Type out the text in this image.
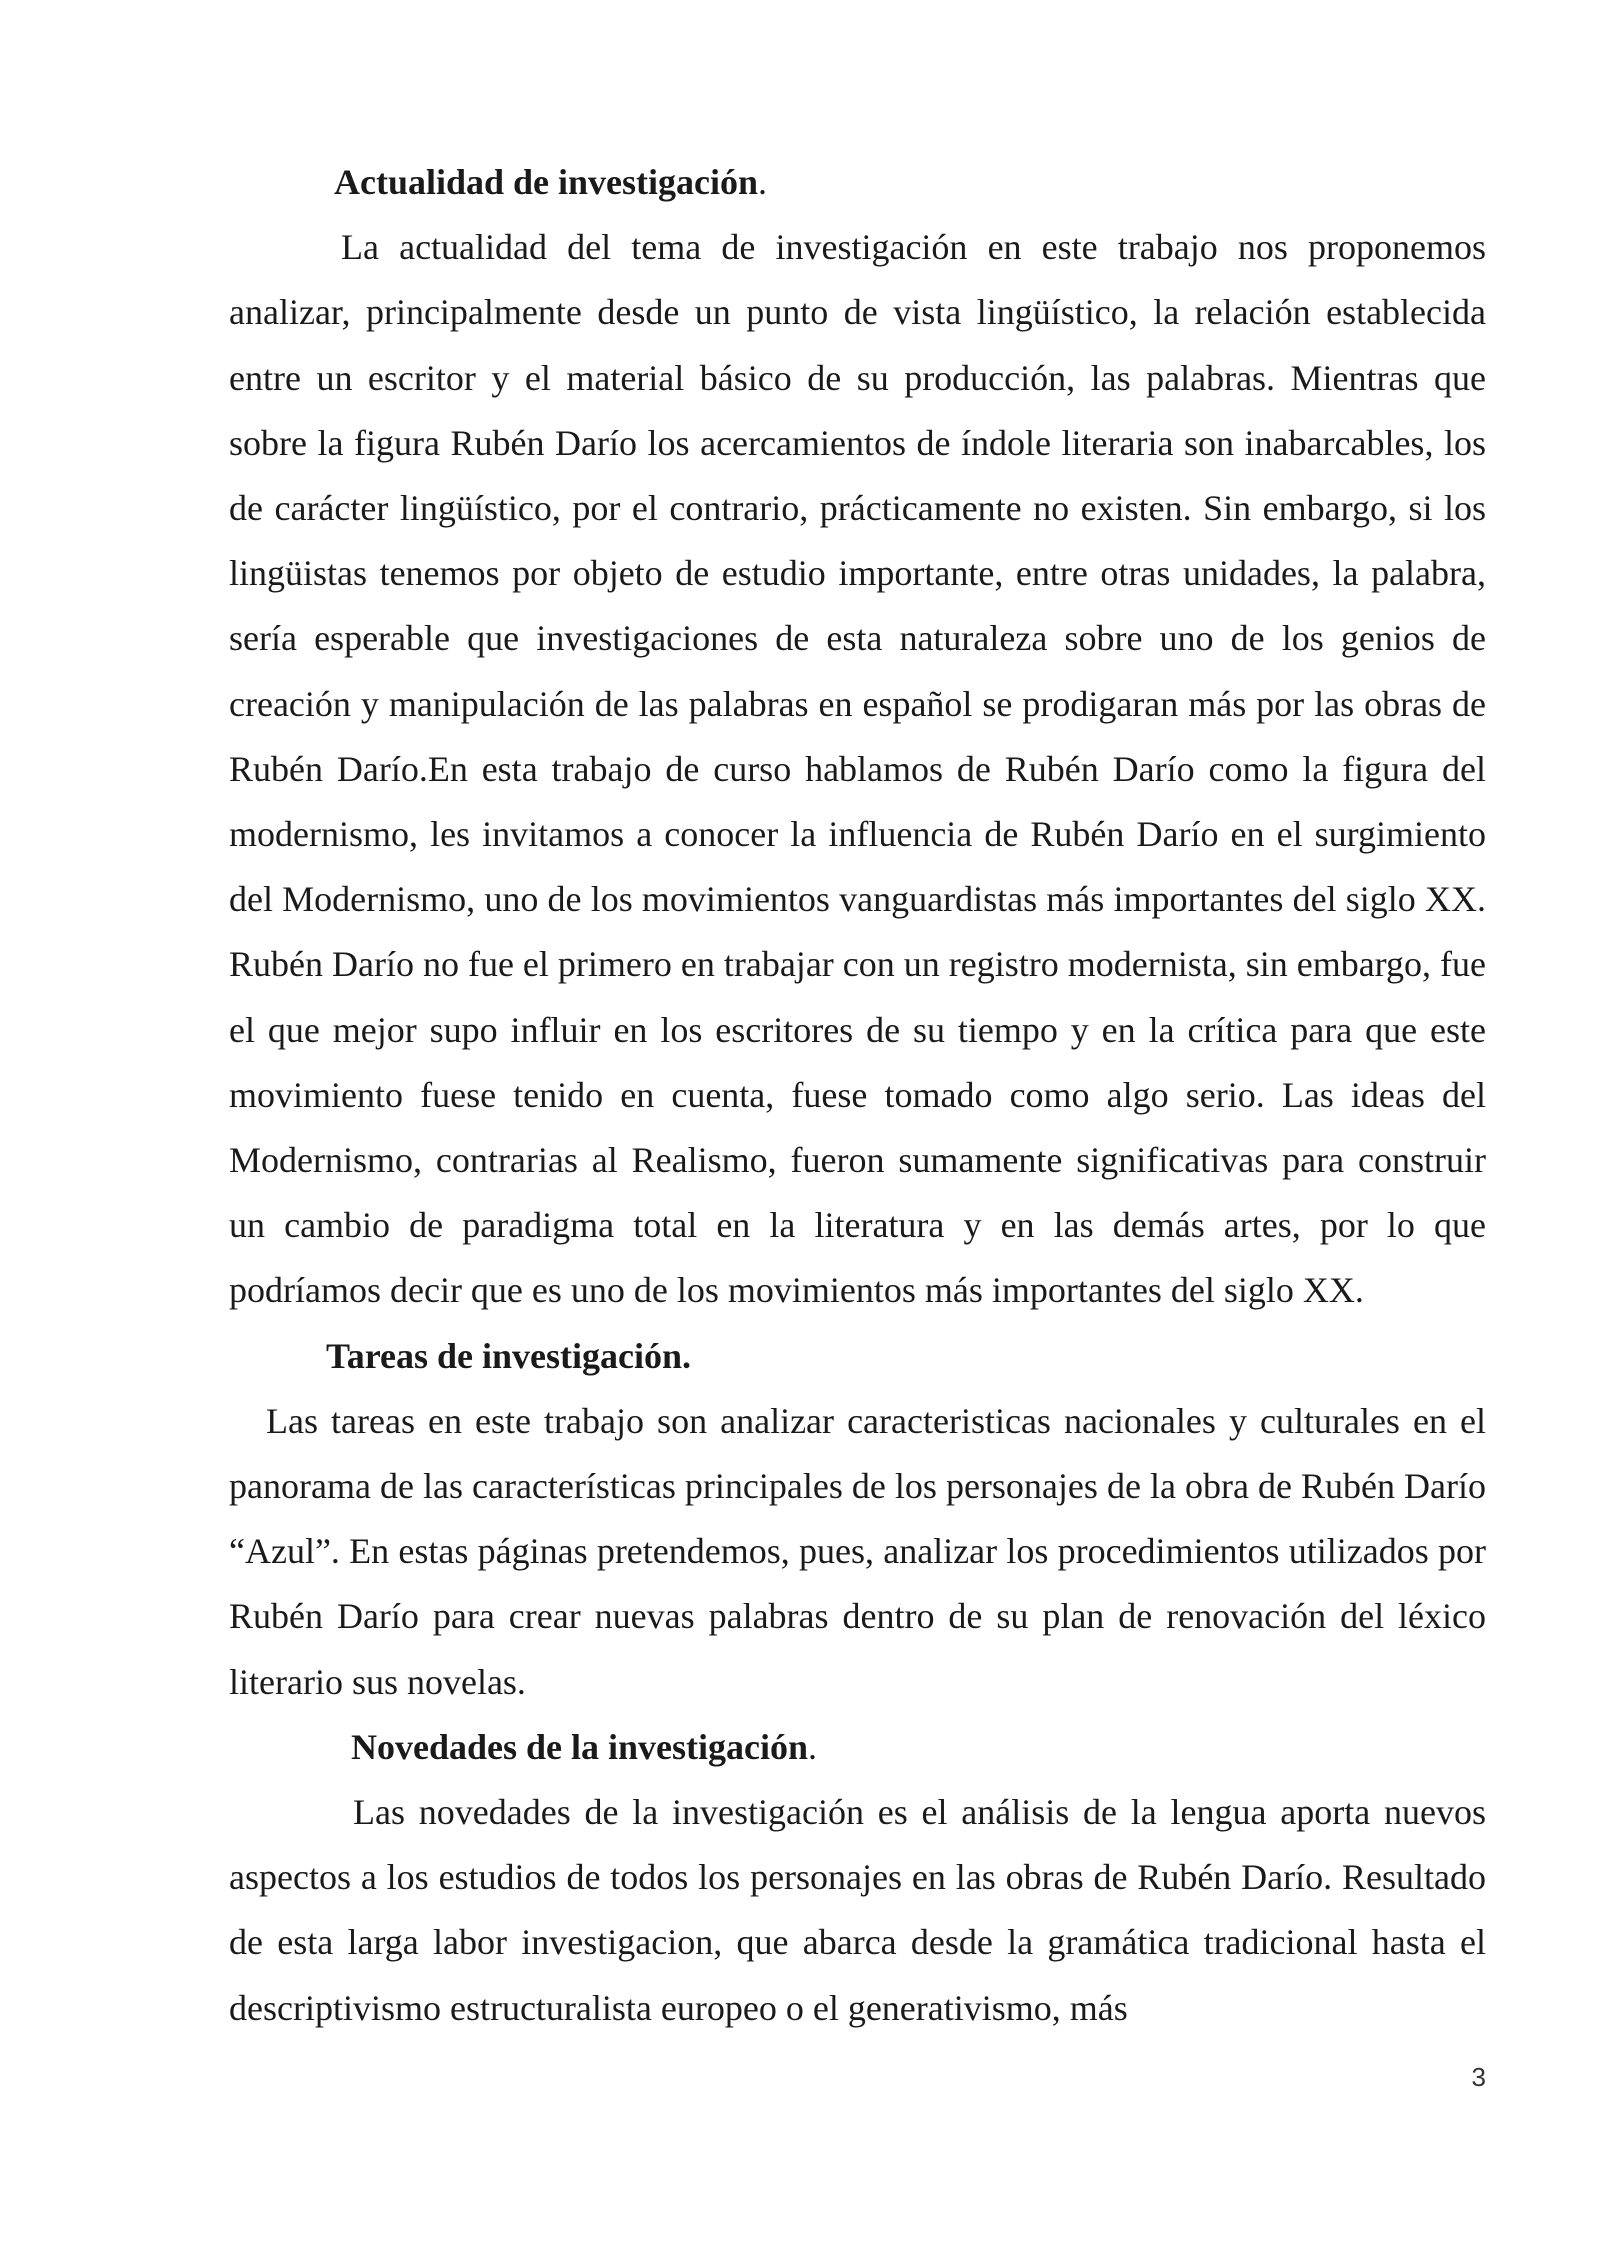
Actualidad de investigación.

La actualidad del tema de investigación en este trabajo nos proponemos analizar, principalmente desde un punto de vista lingüístico, la relación establecida entre un escritor y el material básico de su producción, las palabras. Mientras que sobre la figura Rubén Darío los acercamientos de índole literaria son inabarcables, los de carácter lingüístico, por el contrario, prácticamente no existen. Sin embargo, si los lingüistas tenemos por objeto de estudio importante, entre otras unidades, la palabra, sería esperable que investigaciones de esta naturaleza sobre uno de los genios de creación y manipulación de las palabras en español se prodigaran más por las obras de Rubén Darío.En esta trabajo de curso hablamos de Rubén Darío como la figura del modernismo, les invitamos a conocer la influencia de Rubén Darío en el surgimiento del Modernismo, uno de los movimientos vanguardistas más importantes del siglo XX. Rubén Darío no fue el primero en trabajar con un registro modernista, sin embargo, fue el que mejor supo influir en los escritores de su tiempo y en la crítica para que este movimiento fuese tenido en cuenta, fuese tomado como algo serio. Las ideas del Modernismo, contrarias al Realismo, fueron sumamente significativas para construir un cambio de paradigma total en la literatura y en las demás artes, por lo que podríamos decir que es uno de los movimientos más importantes del siglo XX.

Tareas de investigación.

Las tareas en este trabajo son analizar caracteristicas nacionales y culturales en el panorama de las características principales de los personajes de la obra de Rubén Darío “Azul”. En estas páginas pretendemos, pues, analizar los procedimientos utilizados por Rubén Darío para crear nuevas palabras dentro de su plan de renovación del léxico literario sus novelas.

Novedades de la investigación.

Las novedades de la investigación es el análisis de la lengua aporta nuevos aspectos a los estudios de todos los personajes en las obras de Rubén Darío. Resultado de esta larga labor investigacion, que abarca desde la gramática tradicional hasta el descriptivismo estructuralista europeo o el generativismo, más

3
